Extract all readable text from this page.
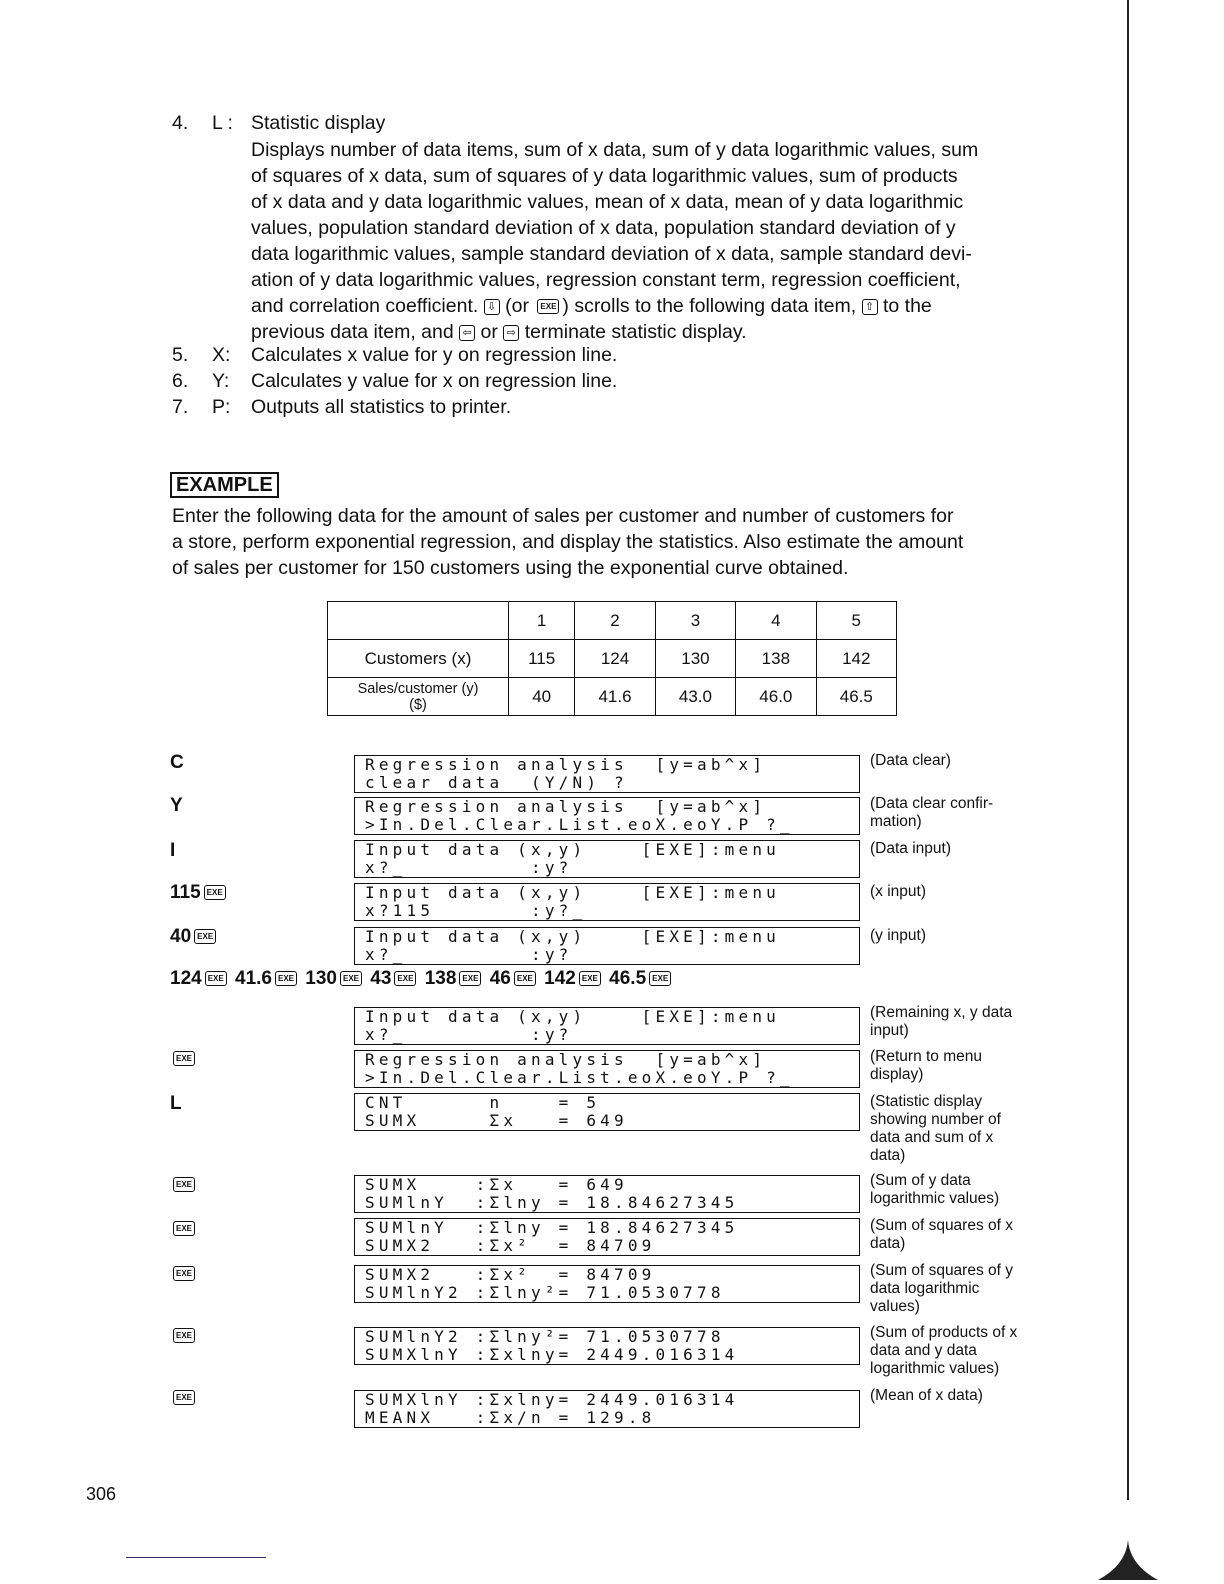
4.	L : Statistic display
Displays number of data items, sum of x data, sum of y data logarithmic values, sum
of squares of x data, sum of squares of y data logarithmic values, sum of products
of x data and y data logarithmic values, mean of x data, mean of y data logarithmic
values, population standard deviation of x data, population standard deviation of y
data logarithmic values, sample standard deviation of x data, sample standard devi-
ation of y data logarithmic values, regression constant term, regression coefficient,
and correlation coefficient. ⇩ (or EXE ) scrolls to the following data item, ⇧ to the
previous data item, and ⇦ or ⇨ terminate statistic display.
5.	X:	Calculates x value for y on regression line.
6.	Y:	Calculates y value for x on regression line.
7.	P:	Outputs all statistics to printer.
EXAMPLE
Enter the following data for the amount of sales per customer and number of customers for
a store, perform exponential regression, and display the statistics. Also estimate the amount
of sales per customer for 150 customers using the exponential curve obtained.
	1	2	3	4	5
Customers (x)	115	124	130	138	142

Sales/customer (y)
($)	40	41.6	43.0	46.0	46.5
C
Y
I
115 EXE
40 EXE
124 EXE 41.6 EXE 130 EXE 43 EXE 138 EXE 46 EXE 142 EXE 46.5 EXE
EXE
L
EXE
EXE
EXE
EXE
EXE
Regression analysis  [y=ab^x]
clear data  (Y/N) ?
Regression analysis  [y=ab^x]
>In.Del.Clear.List.eoX.eoY.P ?_
Input data (x,y)    [EXE]:menu
x?_         :y?
Input data (x,y)    [EXE]:menu
x?115       :y?_
Input data (x,y)    [EXE]:menu
x?_         :y?
Input data (x,y)    [EXE]:menu
x?_         :y?
Regression analysis  [y=ab^x]
>In.Del.Clear.List.eoX.eoY.P ?_
CNT      n    = 5
SUMX     Σx   = 649
SUMX    :Σx   = 649
SUMlnY  :Σlny = 18.84627345
SUMlnY  :Σlny = 18.84627345
SUMX2   :Σx²  = 84709
SUMX2   :Σx²  = 84709
SUMlnY2 :Σlny²= 71.0530778
SUMlnY2 :Σlny²= 71.0530778
SUMXlnY :Σxlny= 2449.016314
SUMXlnY :Σxlny= 2449.016314
MEANX   :Σx/n = 129.8
(Data clear)
(Data clear confir-mation)
(Data input)
(x input)
(y input)
(Remaining x, y data input)
(Return to menu display)
(Statistic display showing number of data and sum of x data)
(Sum of y data logarithmic values)
(Sum of squares of x data)
(Sum of squares of y data logarithmic values)
(Sum of products of x data and y data logarithmic values)
(Mean of x data)
306
